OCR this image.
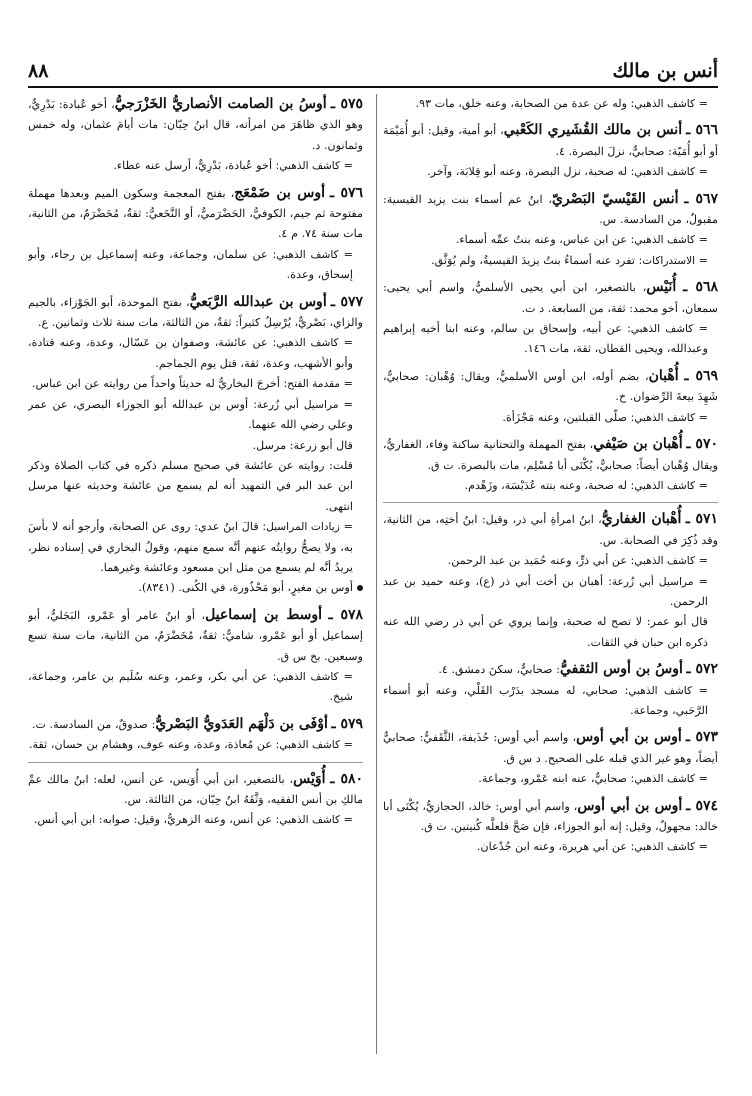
أنس بن مالك
٨٨

= كاشف الذهبي: وله عن عدة من الصحابة، وعنه خلق، مات ٩٣.

٥٦٦ ـ أنس بن مالك القُشَيري الكَعْبي، أبو أمية، وقيل: أبو أُمَيْمَة أو أبو أُمَيّة: صحابيٌّ، نزلَ البصرة. ٤.

= كاشف الذهبي: له صحبة، نزل البصرة، وعنه أبو قِلابَة، وآخر.

٥٦٧ ـ أنس القَيْسيّ البَصْريّ، ابنُ عم أسماء بنت يزيد القيسية: مقبولٌ، من السادسة. س.

= كاشف الذهبي: عن ابن عباس، وعنه بنتُ عمِّه أسماء.

= الاستدراكات: تفرد عنه أسماءُ بنتُ يزيدَ القيسيةُ، ولم يُوَثَّق.

٥٦٨ ـ أُنَيْس، بالتصغير، ابن أبي يحيى الأسلميُّ، واسم أبي يحيى: سمعان، أخو محمد: ثقة، من السابعة. د ت.

= كاشف الذهبي: عن أبيه، وإسحاق بن سالم، وعنه ابنا أخيه إبراهيم وعبدالله، ويحيى القطان، ثقة، مات ١٤٦.

٥٦٩ ـ أُهْبان، بضم أوله، ابن أوس الأسلميُّ، ويقال: وُهْبان: صحابيٌّ، شَهِدَ بيعةَ الرِّضوان. خ.

= كاشف الذهبي: صلّى القبلتين، وعنه مَجْزَأة.

٥٧٠ ـ أُهْبان بن صَيْفي، بفتح المهملة والتحتانية ساكنة وفاء، الغفاريُّ، ويقال وُهْبان أيضاً: صحابيٌّ، يُكْنَى أبا مُسْلِم، مات بالبصرة. ت ق.

= كاشف الذهبي: له صحبة، وعنه بنته عُدَيْسَة، وزَهْدم.

٥٧١ ـ أُهْبان الغفاريُّ، ابنُ امرأةِ أبي ذر، وقيل: ابنُ أختِه، من الثانية، وقد ذُكِرَ في الصحابة. س.

= كاشف الذهبي: عن أبي ذرٍّ، وعنه حُمَيد بن عبد الرحمن.

= مراسيل أبي زُرعة: أهبان بن أخت أبي ذر (ع)، وعنه حميد بن عبد الرحمن.

قال أبو عمر: لا تصح له صحبة، وإنما يروي عن أبي ذر رضي الله عنه ذكره ابن حبان في الثقات.

٥٧٢ ـ أوسُ بن أوس الثقفيُّ: صحابيٌّ، سكنَ دمشق. ٤.

= كاشف الذهبي: صحابي، له مسجد بدَرْب القَلْي، وعنه أبو أسماء الرَّحَبي، وجماعة.

٥٧٣ ـ أوس بن أبي أوس، واسم أبي أوس: حُذَيفة، الثَّقَفيُّ: صحابيٌّ أيضاً، وهو غير الذي قبله على الصحيح. د س ق.

= كاشف الذهبي: صحابيٌّ، عنه ابنه عَمْرو، وجماعة.

٥٧٤ ـ أوس بن أبي أوس، واسم أبي أوس: خالد، الحجازيُّ، يُكْنَى أبا خالد: مجهولٌ، وقيل: إنه أبو الجوزاء، فإن صَحَّ فلعلَّه كُنيتين. ت ق.

= كاشف الذهبي: عن أبي هريرة، وعنه ابن جُدْعان.

٥٧٥ ـ أوسُ بن الصامت الأنصاريُّ الخَزْرَجيُّ، أخو عُبادة: بَدْرِيٌّ، وهو الذي ظاهَرَ من امرأته، قال ابنُ حِبّان: مات أيامَ عثمان، وله خمس وثمانون. د.

= كاشف الذهبي: أخو عُبادة، بَدْرِيٌّ، أرسل عنه عطاء.

٥٧٦ ـ أوس بن ضَمْعَج، بفتح المعجمة وسكون الميم وبعدها مهملة مفتوحة ثم جيم، الكوفيُّ، الحَضْرَميُّ، أو النَّخَعيُّ: ثقةٌ، مُخَضْرَمٌ، من الثانية، مات سنة ٧٤. م ٤.

= كاشف الذهبي: عن سلمان، وجماعة، وعنه إسماعيل بن رجاء، وأبو إسحاق، وعدة.

٥٧٧ ـ أوس بن عبدالله الرَّبَعيُّ، بفتح الموحدة، أبو الجَوْزاء، بالجيم والزاي، بَصْريٌّ، يُرْسِلُ كثيراً: ثقةٌ، من الثالثة، مات سنة ثلاث وثمانين. ع.

= كاشف الذهبي: عن عائشة، وصفوان بن عَسّال، وعدة، وعنه قتادة، وأبو الأشهب، وعدة، ثقة، قتل يوم الجماجم.

= مقدمة الفتح: أخرجَ البخاريُّ له حديثاً واحداً من روايته عن ابن عباس.

= مراسيل أبي زُرعة: أوس بن عبدالله أبو الجوزاء البصري، عن عمر وعلي رضي الله عنهما.

قال أبو زرعة: مرسل.

قلت: روايته عن عائشة في صحيح مسلم ذكره في كتاب الصلاة وذكر ابن عبد البر في التمهيد أنه لم يسمع من عائشة وحديثه عنها مرسل انتهى.

= زيادات المراسيل: قالَ ابنُ عدي: روى عن الصحابة، وأرجو أنه لا بأسَ به، ولا يصحُّ روايتُه عنهم أنَّه سمع منهم، وقولُ البخاري في إسناده نظر، يريدُ أنَّه لم يسمع من مثل ابن مسعود وعائشة وغيرهما.

أوس بن مغيرٍ، أبو مَحْذُورة، في الكُنى. (٨٣٤١).

٥٧٨ ـ أوسط بن إسماعيل، أو ابنُ عامر أو عَمْرو، البَجَليُّ، أبو إسماعيل أو أبو عَمْرو، شاميٌّ: ثقةٌ، مُخَضْرَمٌ، من الثانية، مات سنة تسع وسبعين. بخ س ق.

= كاشف الذهبي: عن أبي بكر، وعمر، وعنه سُلَيم بن عامر، وجماعة، شيخ.

٥٧٩ ـ أوْفَى بن دَلْهَم العَدَويُّ البَصْريُّ: صدوقٌ، من السادسة. ت.

= كاشف الذهبي: عن مُعاذة، وعدة، وعنه عوف، وهشام بن حسان، ثقة.

٥٨٠ ـ أُوَيْس، بالتصغير، ابن أبي أُوَيس، عن أنس، لعله: ابنُ مالك عمِّ مالكِ بن أنس الفقيه، وَثَّقَهُ ابنُ حِبّان، من الثالثة. س.

= كاشف الذهبي: عن أنس، وعنه الزهريُّ، وقيل: صوابه: ابن أبي أنس.
